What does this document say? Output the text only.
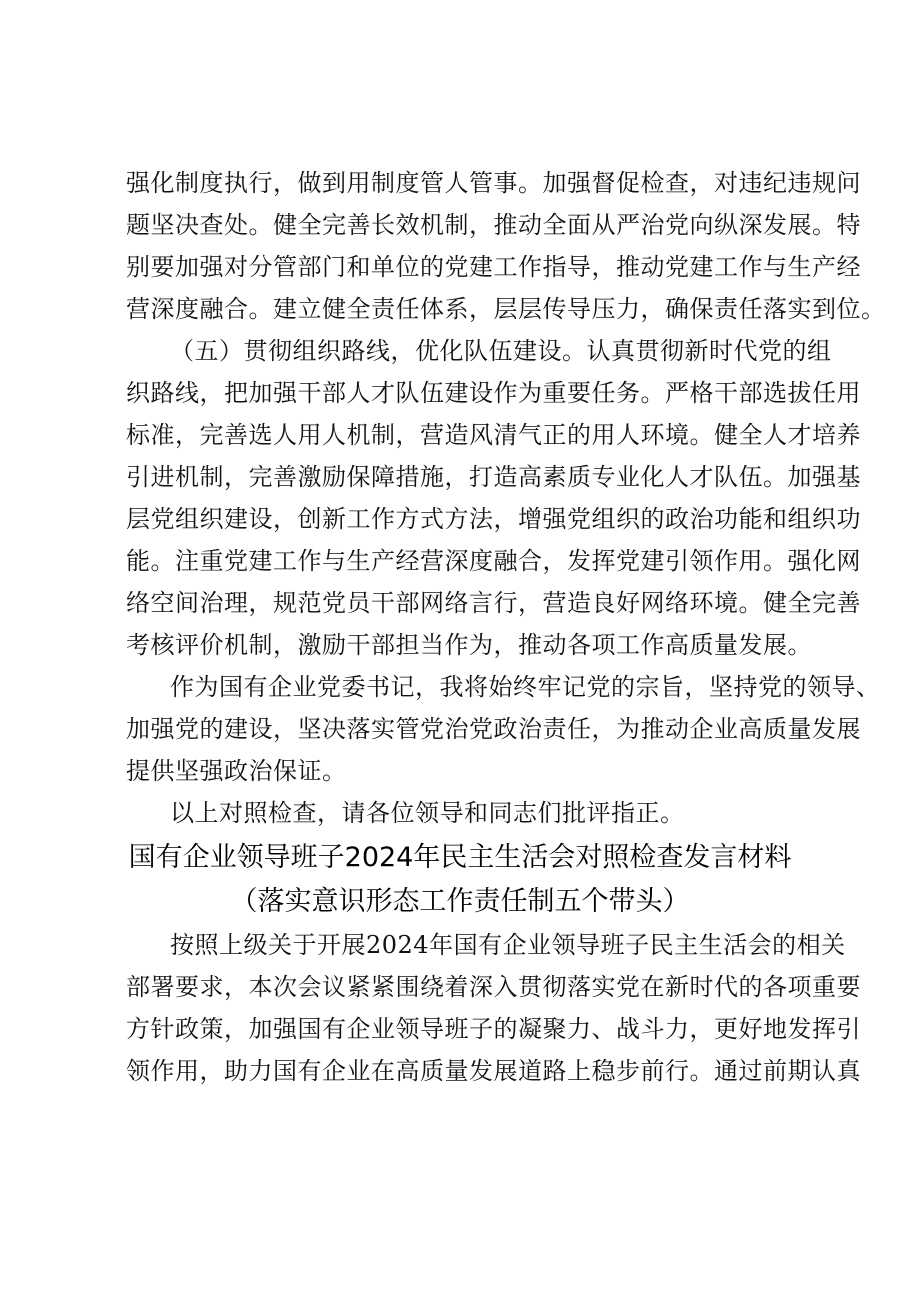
强化制度执行，做到用制度管人管事。加强督促检查，对违纪违规问
题坚决查处。健全完善长效机制，推动全面从严治党向纵深发展。特
别要加强对分管部门和单位的党建工作指导，推动党建工作与生产经
营深度融合。建立健全责任体系，层层传导压力，确保责任落实到位。
（五）贯彻组织路线，优化队伍建设。认真贯彻新时代党的组
织路线，把加强干部人才队伍建设作为重要任务。严格干部选拔任用
标准，完善选人用人机制，营造风清气正的用人环境。健全人才培养
引进机制，完善激励保障措施，打造高素质专业化人才队伍。加强基
层党组织建设，创新工作方式方法，增强党组织的政治功能和组织功
能。注重党建工作与生产经营深度融合，发挥党建引领作用。强化网
络空间治理，规范党员干部网络言行，营造良好网络环境。健全完善
考核评价机制，激励干部担当作为，推动各项工作高质量发展。
作为国有企业党委书记，我将始终牢记党的宗旨，坚持党的领导、
加强党的建设，坚决落实管党治党政治责任，为推动企业高质量发展
提供坚强政治保证。
以上对照检查，请各位领导和同志们批评指正。
国有企业领导班子2024年民主生活会对照检查发言材料
（落实意识形态工作责任制五个带头）
按照上级关于开展2024年国有企业领导班子民主生活会的相关
部署要求，本次会议紧紧围绕着深入贯彻落实党在新时代的各项重要
方针政策，加强国有企业领导班子的凝聚力、战斗力，更好地发挥引
领作用，助力国有企业在高质量发展道路上稳步前行。通过前期认真
